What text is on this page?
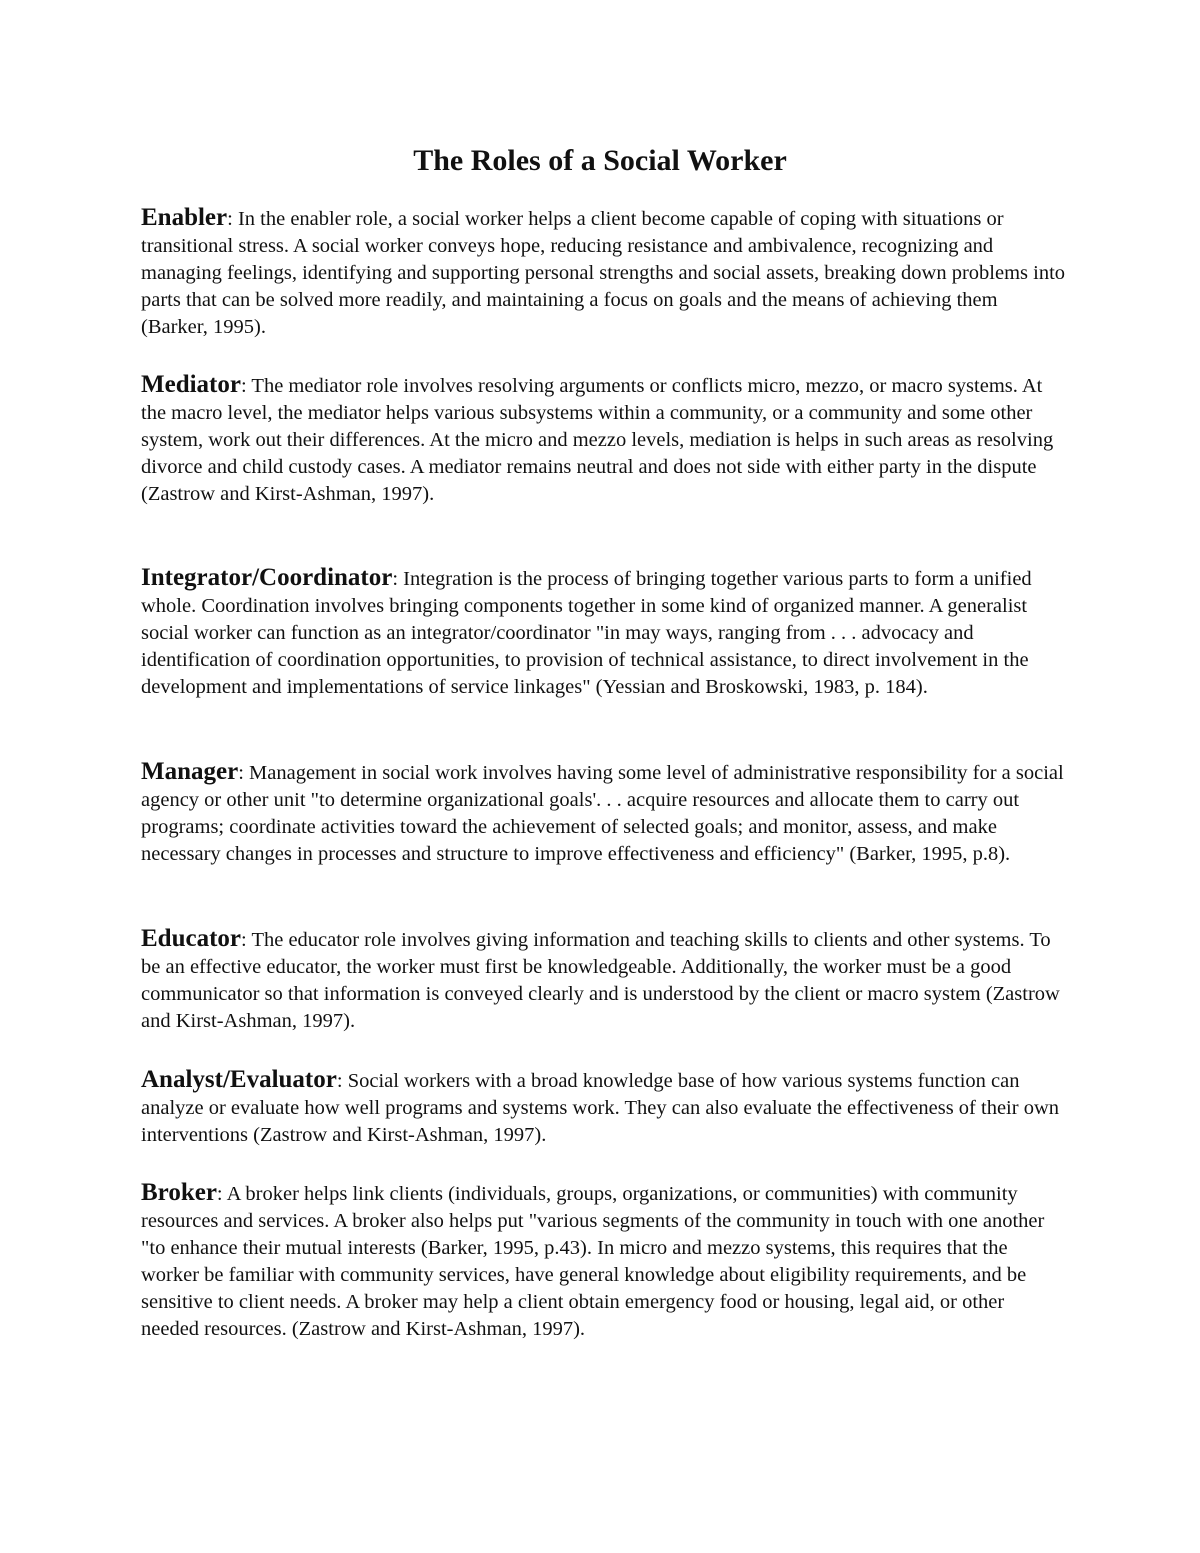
The Roles of a Social Worker

Enabler: In the enabler role, a social worker helps a client become capable of coping with situations or transitional stress. A social worker conveys hope, reducing resistance and ambivalence, recognizing and managing feelings, identifying and supporting personal strengths and social assets, breaking down problems into parts that can be solved more readily, and maintaining a focus on goals and the means of achieving them (Barker, 1995).

Mediator: The mediator role involves resolving arguments or conflicts micro, mezzo, or macro systems. At the macro level, the mediator helps various subsystems within a community, or a community and some other system, work out their differences. At the micro and mezzo levels, mediation is helps in such areas as resolving divorce and child custody cases. A mediator remains neutral and does not side with either party in the dispute (Zastrow and Kirst-Ashman, 1997).

Integrator/Coordinator: Integration is the process of bringing together various parts to form a unified whole. Coordination involves bringing components together in some kind of organized manner. A generalist social worker can function as an integrator/coordinator "in may ways, ranging from . . . advocacy and identification of coordination opportunities, to provision of technical assistance, to direct involvement in the development and implementations of service linkages" (Yessian and Broskowski, 1983, p. 184).

Manager: Management in social work involves having some level of administrative responsibility for a social agency or other unit "to determine organizational goals'. . . acquire resources and allocate them to carry out programs; coordinate activities toward the achievement of selected goals; and monitor, assess, and make necessary changes in processes and structure to improve effectiveness and efficiency" (Barker, 1995, p.8).

Educator: The educator role involves giving information and teaching skills to clients and other systems. To be an effective educator, the worker must first be knowledgeable. Additionally, the worker must be a good communicator so that information is conveyed clearly and is understood by the client or macro system (Zastrow and Kirst-Ashman, 1997).

Analyst/Evaluator: Social workers with a broad knowledge base of how various systems function can analyze or evaluate how well programs and systems work. They can also evaluate the effectiveness of their own interventions (Zastrow and Kirst-Ashman, 1997).

Broker: A broker helps link clients (individuals, groups, organizations, or communities) with community resources and services. A broker also helps put "various segments of the community in touch with one another "to enhance their mutual interests (Barker, 1995, p.43). In micro and mezzo systems, this requires that the worker be familiar with community services, have general knowledge about eligibility requirements, and be sensitive to client needs. A broker may help a client obtain emergency food or housing, legal aid, or other needed resources. (Zastrow and Kirst-Ashman, 1997).
